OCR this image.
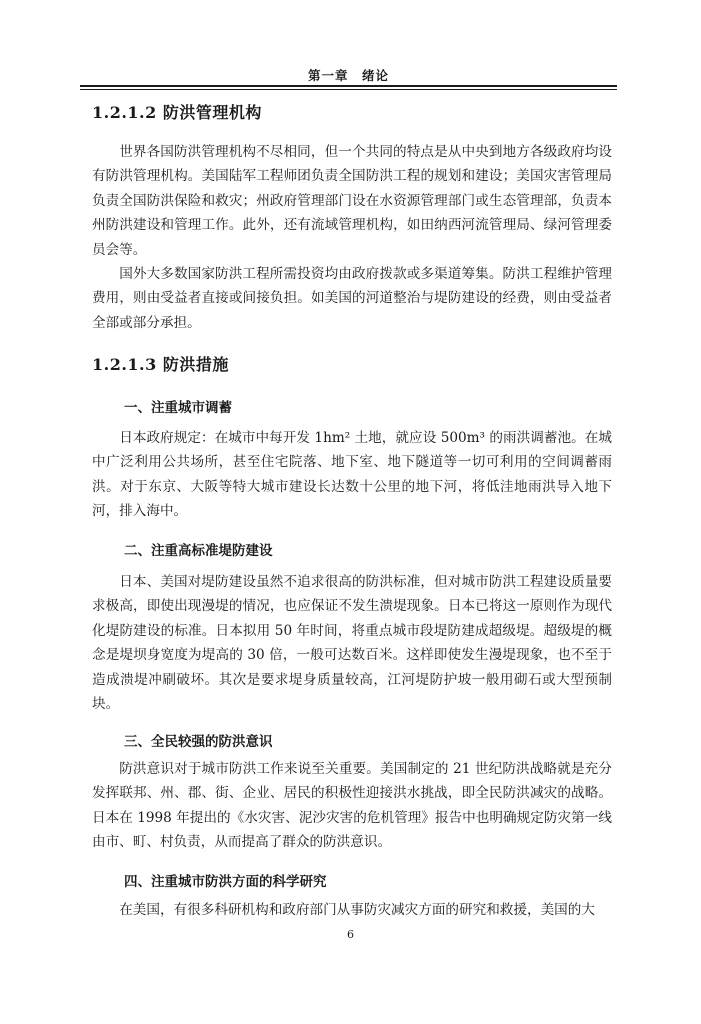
第一章　绪论
1.2.1.2 防洪管理机构

世界各国防洪管理机构不尽相同，但一个共同的特点是从中央到地方各级政府均设有防洪管理机构。美国陆军工程师团负责全国防洪工程的规划和建设；美国灾害管理局负责全国防洪保险和救灾；州政府管理部门设在水资源管理部门或生态管理部，负责本州防洪建设和管理工作。此外，还有流域管理机构，如田纳西河流管理局、绿河管理委员会等。

国外大多数国家防洪工程所需投资均由政府拨款或多渠道筹集。防洪工程维护管理费用，则由受益者直接或间接负担。如美国的河道整治与堤防建设的经费，则由受益者全部或部分承担。

1.2.1.3 防洪措施
一、注重城市调蓄

日本政府规定：在城市中每开发 1hm² 土地，就应设 500m³ 的雨洪调蓄池。在城中广泛利用公共场所，甚至住宅院落、地下室、地下隧道等一切可利用的空间调蓄雨洪。对于东京、大阪等特大城市建设长达数十公里的地下河，将低洼地雨洪导入地下河，排入海中。

二、注重高标准堤防建设

日本、美国对堤防建设虽然不追求很高的防洪标准，但对城市防洪工程建设质量要求极高，即使出现漫堤的情况，也应保证不发生溃堤现象。日本已将这一原则作为现代化堤防建设的标准。日本拟用 50 年时间，将重点城市段堤防建成超级堤。超级堤的概念是堤坝身宽度为堤高的 30 倍，一般可达数百米。这样即使发生漫堤现象，也不至于造成溃堤冲刷破坏。其次是要求堤身质量较高，江河堤防护坡一般用砌石或大型预制块。

三、全民较强的防洪意识

防洪意识对于城市防洪工作来说至关重要。美国制定的 21 世纪防洪战略就是充分发挥联邦、州、郡、街、企业、居民的积极性迎接洪水挑战，即全民防洪减灾的战略。日本在 1998 年提出的《水灾害、泥沙灾害的危机管理》报告中也明确规定防灾第一线由市、町、村负责，从而提高了群众的防洪意识。

四、注重城市防洪方面的科学研究

在美国，有很多科研机构和政府部门从事防灾减灾方面的研究和救援，美国的大

6
